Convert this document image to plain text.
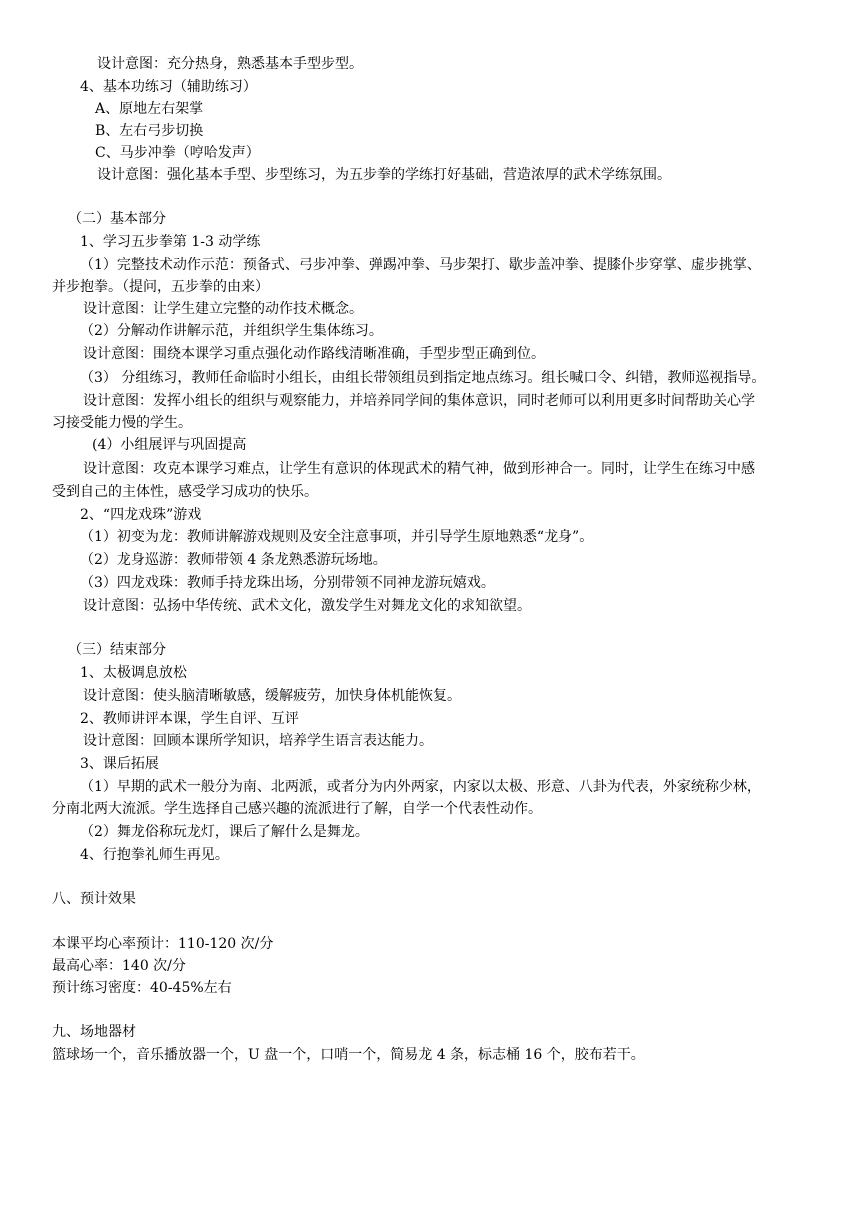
设计意图：充分热身，熟悉基本手型步型。
4、基本功练习（辅助练习）
A、原地左右架掌
B、左右弓步切换
C、马步冲拳（哼哈发声）
设计意图：强化基本手型、步型练习，为五步拳的学练打好基础，营造浓厚的武术学练氛围。
（二）基本部分
1、学习五步拳第 1-3 动学练
（1）完整技术动作示范：预备式、弓步冲拳、弹踢冲拳、马步架打、歇步盖冲拳、提膝仆步穿掌、虚步挑掌、
并步抱拳。（提问，五步拳的由来）
设计意图：让学生建立完整的动作技术概念。
（2）分解动作讲解示范，并组织学生集体练习。
设计意图：围绕本课学习重点强化动作路线清晰准确，手型步型正确到位。
（3） 分组练习，教师任命临时小组长，由组长带领组员到指定地点练习。组长喊口令、纠错，教师巡视指导。
设计意图：发挥小组长的组织与观察能力，并培养同学间的集体意识，同时老师可以利用更多时间帮助关心学
习接受能力慢的学生。
(4）小组展评与巩固提高
设计意图：攻克本课学习难点，让学生有意识的体现武术的精气神，做到形神合一。同时，让学生在练习中感
受到自己的主体性，感受学习成功的快乐。
2、“四龙戏珠”游戏
（1）初变为龙：教师讲解游戏规则及安全注意事项，并引导学生原地熟悉“龙身”。
（2）龙身巡游：教师带领 4 条龙熟悉游玩场地。
（3）四龙戏珠：教师手持龙珠出场，分别带领不同神龙游玩嬉戏。
设计意图：弘扬中华传统、武术文化，激发学生对舞龙文化的求知欲望。
（三）结束部分
1、太极调息放松
设计意图：使头脑清晰敏感，缓解疲劳，加快身体机能恢复。
2、教师讲评本课，学生自评、互评
设计意图：回顾本课所学知识，培养学生语言表达能力。
3、课后拓展
（1）早期的武术一般分为南、北两派，或者分为内外两家，内家以太极、形意、八卦为代表，外家统称少林，
分南北两大流派。学生选择自己感兴趣的流派进行了解，自学一个代表性动作。
（2）舞龙俗称玩龙灯，课后了解什么是舞龙。
4、行抱拳礼师生再见。
八、预计效果
本课平均心率预计：110-120 次/分
最高心率：140 次/分
预计练习密度：40-45%左右
九、场地器材
篮球场一个，音乐播放器一个，U 盘一个，口哨一个，简易龙 4 条，标志桶 16 个，胶布若干。
